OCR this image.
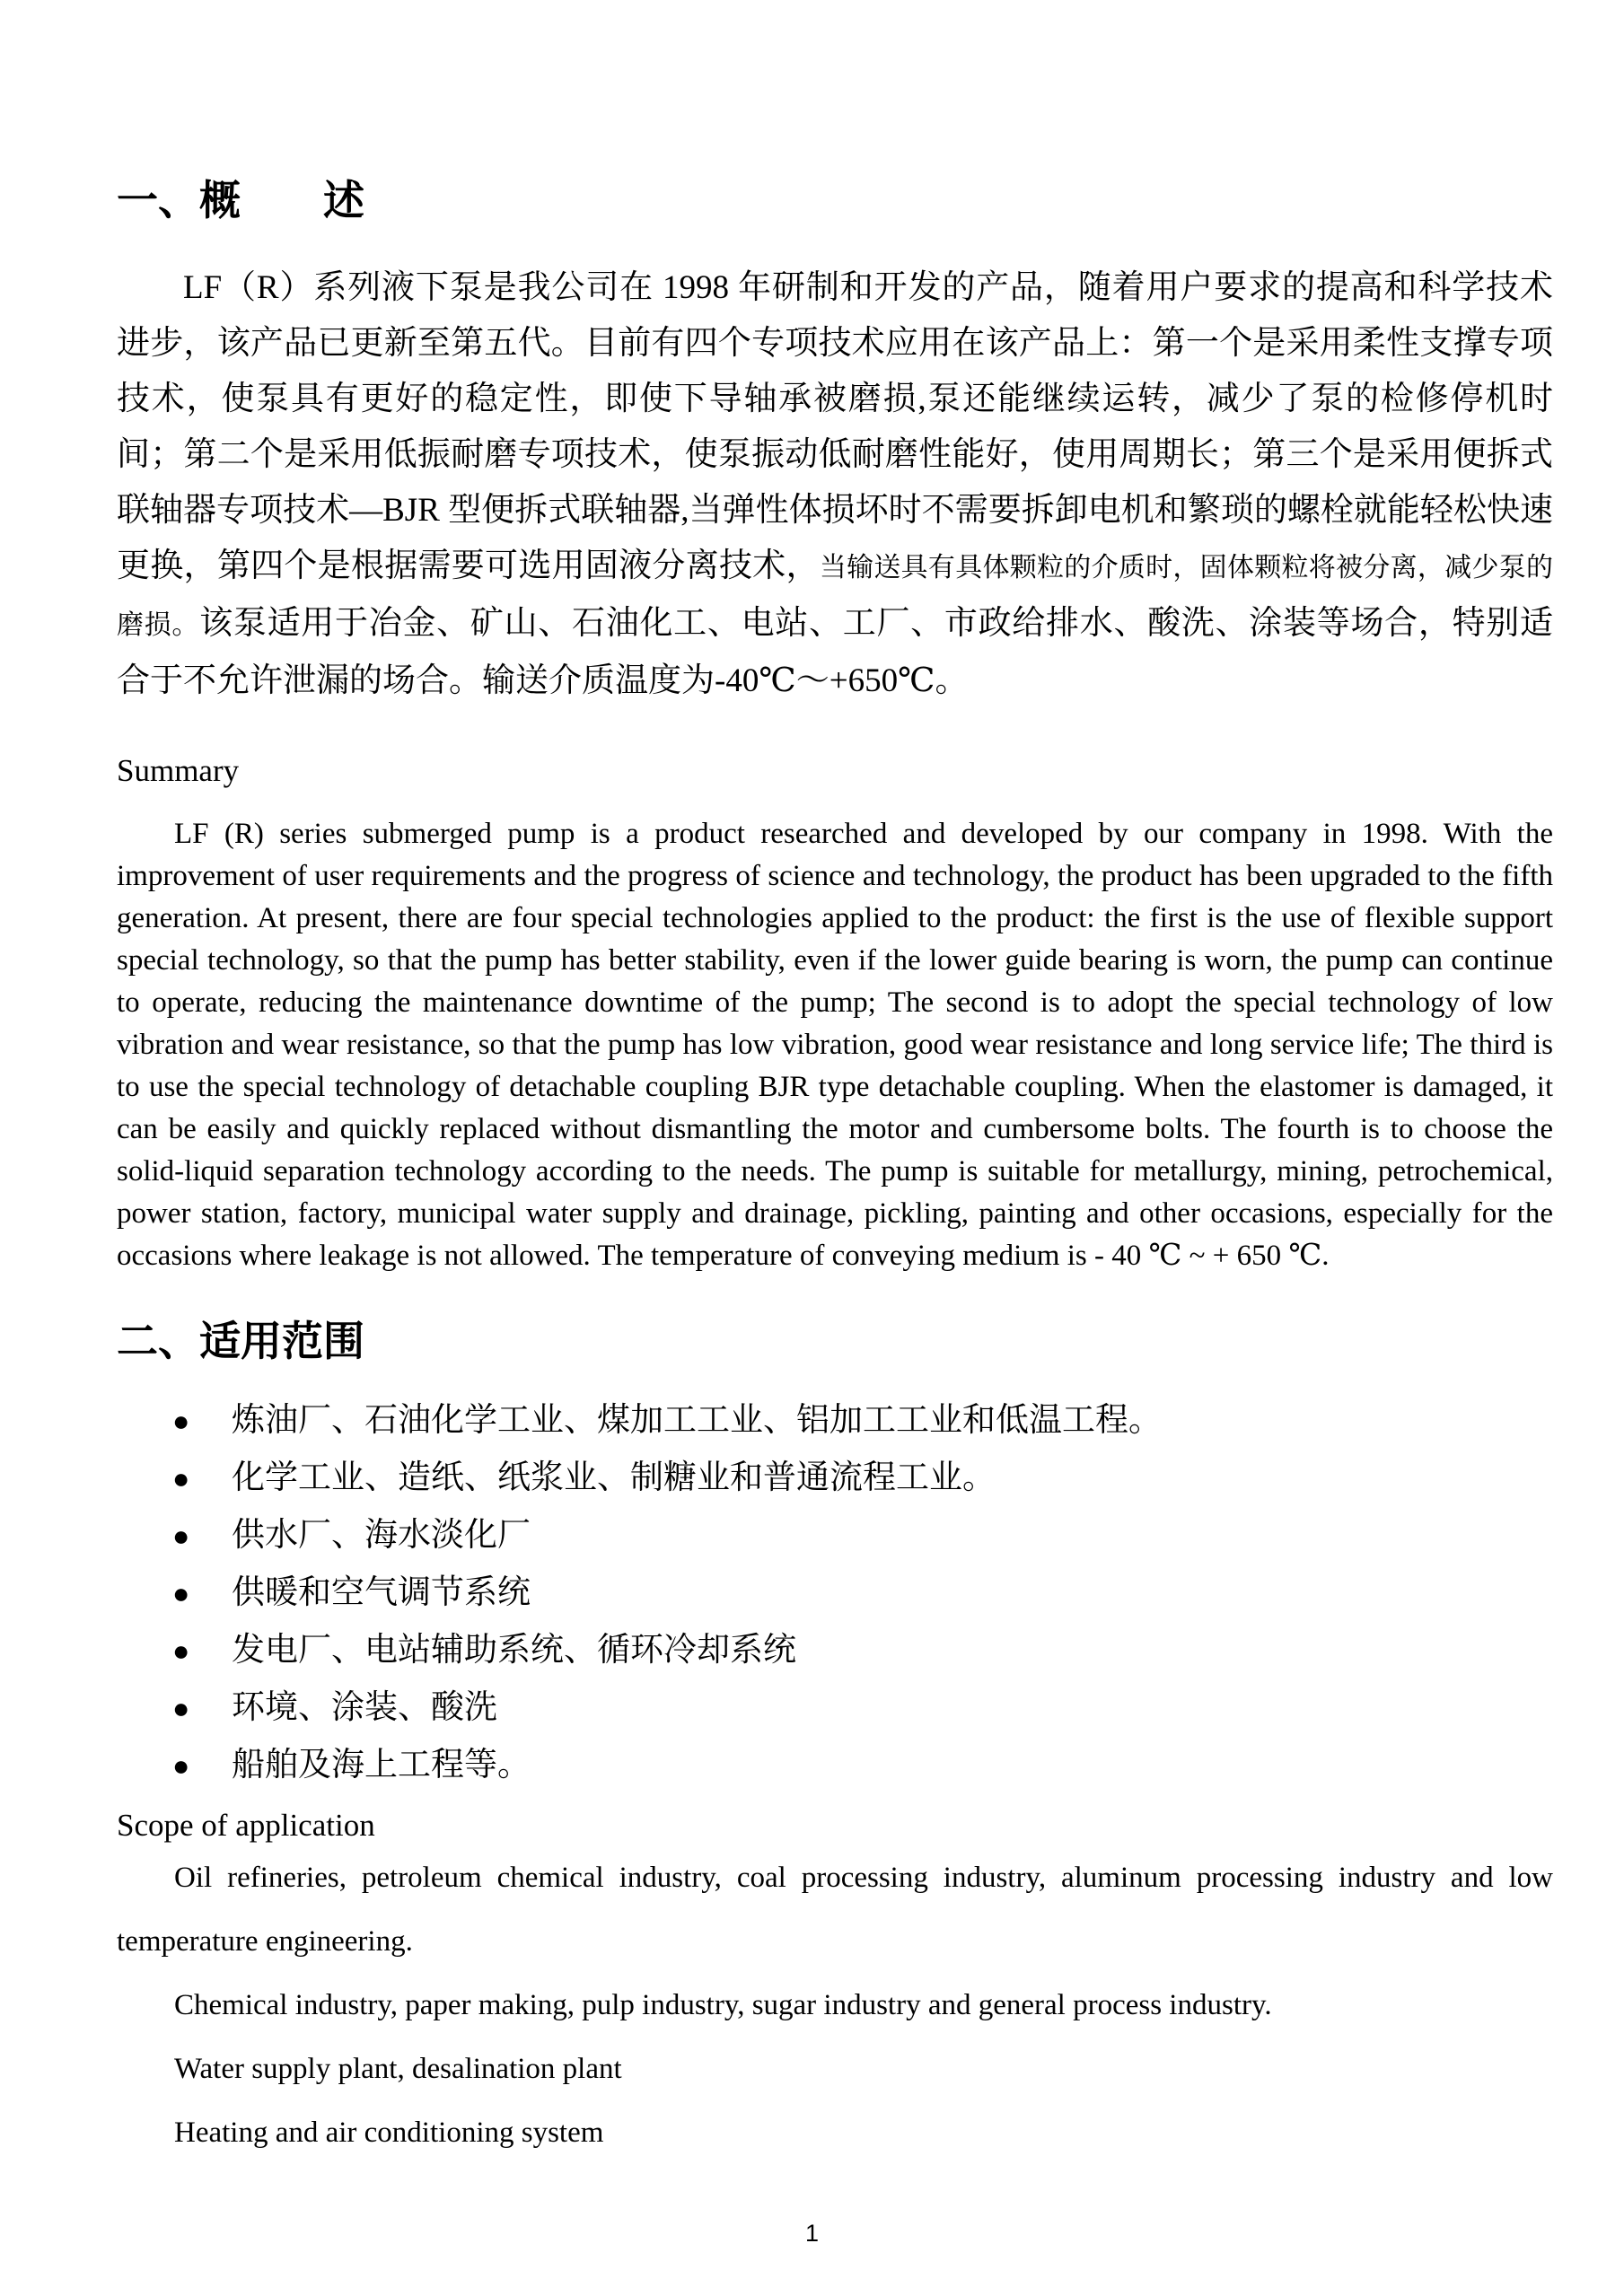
一、概　　述

LF（R）系列液下泵是我公司在 1998 年研制和开发的产品，随着用户要求的提高和科学技术进步，该产品已更新至第五代。目前有四个专项技术应用在该产品上：第一个是采用柔性支撑专项技术，使泵具有更好的稳定性，即使下导轴承被磨损,泵还能继续运转，减少了泵的检修停机时间；第二个是采用低振耐磨专项技术，使泵振动低耐磨性能好，使用周期长；第三个是采用便拆式联轴器专项技术—BJR 型便拆式联轴器,当弹性体损坏时不需要拆卸电机和繁琐的螺栓就能轻松快速更换，第四个是根据需要可选用固液分离技术，当输送具有具体颗粒的介质时，固体颗粒将被分离，减少泵的磨损。该泵适用于冶金、矿山、石油化工、电站、工厂、市政给排水、酸洗、涂装等场合，特别适合于不允许泄漏的场合。输送介质温度为-40℃～+650℃。

Summary

LF (R) series submerged pump is a product researched and developed by our company in 1998. With the improvement of user requirements and the progress of science and technology, the product has been upgraded to the fifth generation. At present, there are four special technologies applied to the product: the first is the use of flexible support special technology, so that the pump has better stability, even if the lower guide bearing is worn, the pump can continue to operate, reducing the maintenance downtime of the pump; The second is to adopt the special technology of low vibration and wear resistance, so that the pump has low vibration, good wear resistance and long service life; The third is to use the special technology of detachable coupling BJR type detachable coupling. When the elastomer is damaged, it can be easily and quickly replaced without dismantling the motor and cumbersome bolts. The fourth is to choose the solid-liquid separation technology according to the needs. The pump is suitable for metallurgy, mining, petrochemical, power station, factory, municipal water supply and drainage, pickling, painting and other occasions, especially for the occasions where leakage is not allowed. The temperature of conveying medium is - 40 ℃ ~ + 650 ℃.

二、适用范围
●	炼油厂、石油化学工业、煤加工工业、铝加工工业和低温工程。
●	化学工业、造纸、纸浆业、制糖业和普通流程工业。
●	供水厂、海水淡化厂
●	供暖和空气调节系统
●	发电厂、电站辅助系统、循环冷却系统
●	环境、涂装、酸洗
●	船舶及海上工程等。

Scope of application

Oil refineries, petroleum chemical industry, coal processing industry, aluminum processing industry and low temperature engineering.

Chemical industry, paper making, pulp industry, sugar industry and general process industry.

Water supply plant, desalination plant

Heating and air conditioning system

1
